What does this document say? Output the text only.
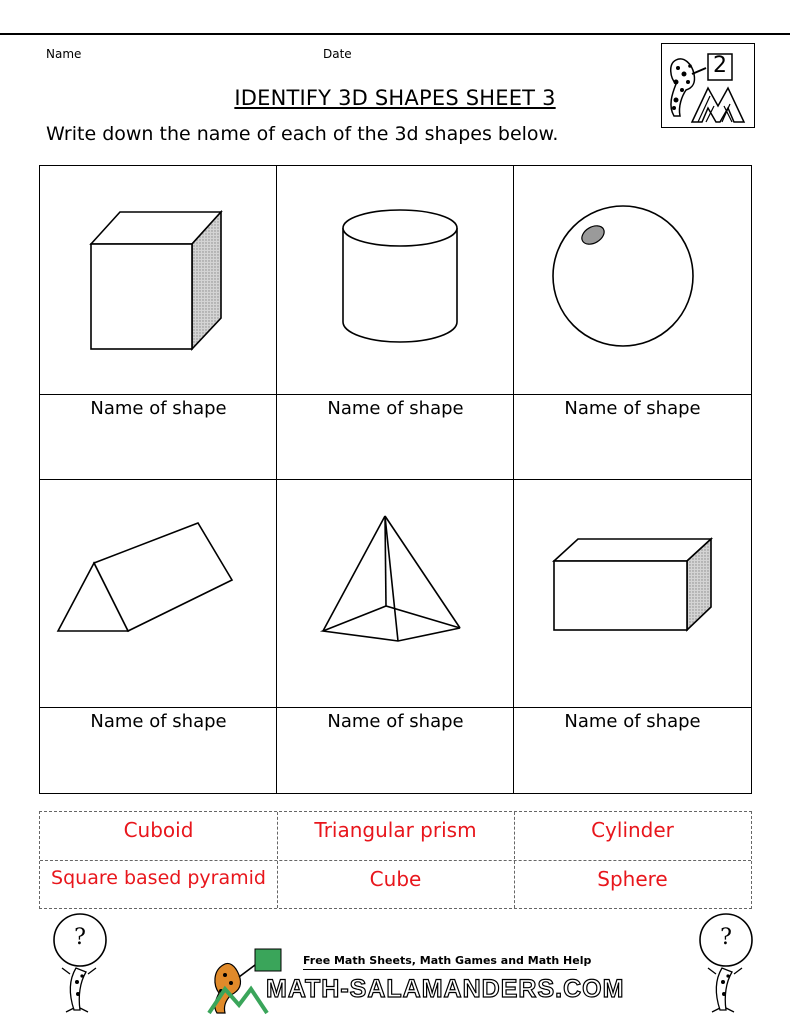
Name	Date	2
IDENTIFY 3D SHAPES SHEET 3
Write down the name of each of the 3d shapes below.
Name of shape	Name of shape	Name of shape
Name of shape	Name of shape	Name of shape
Cuboid	Triangular prism	Cylinder
Square based pyramid	Cube	Sphere
?	?
Free Math Sheets, Math Games and Math Help
MATH-SALAMANDERS.COM
